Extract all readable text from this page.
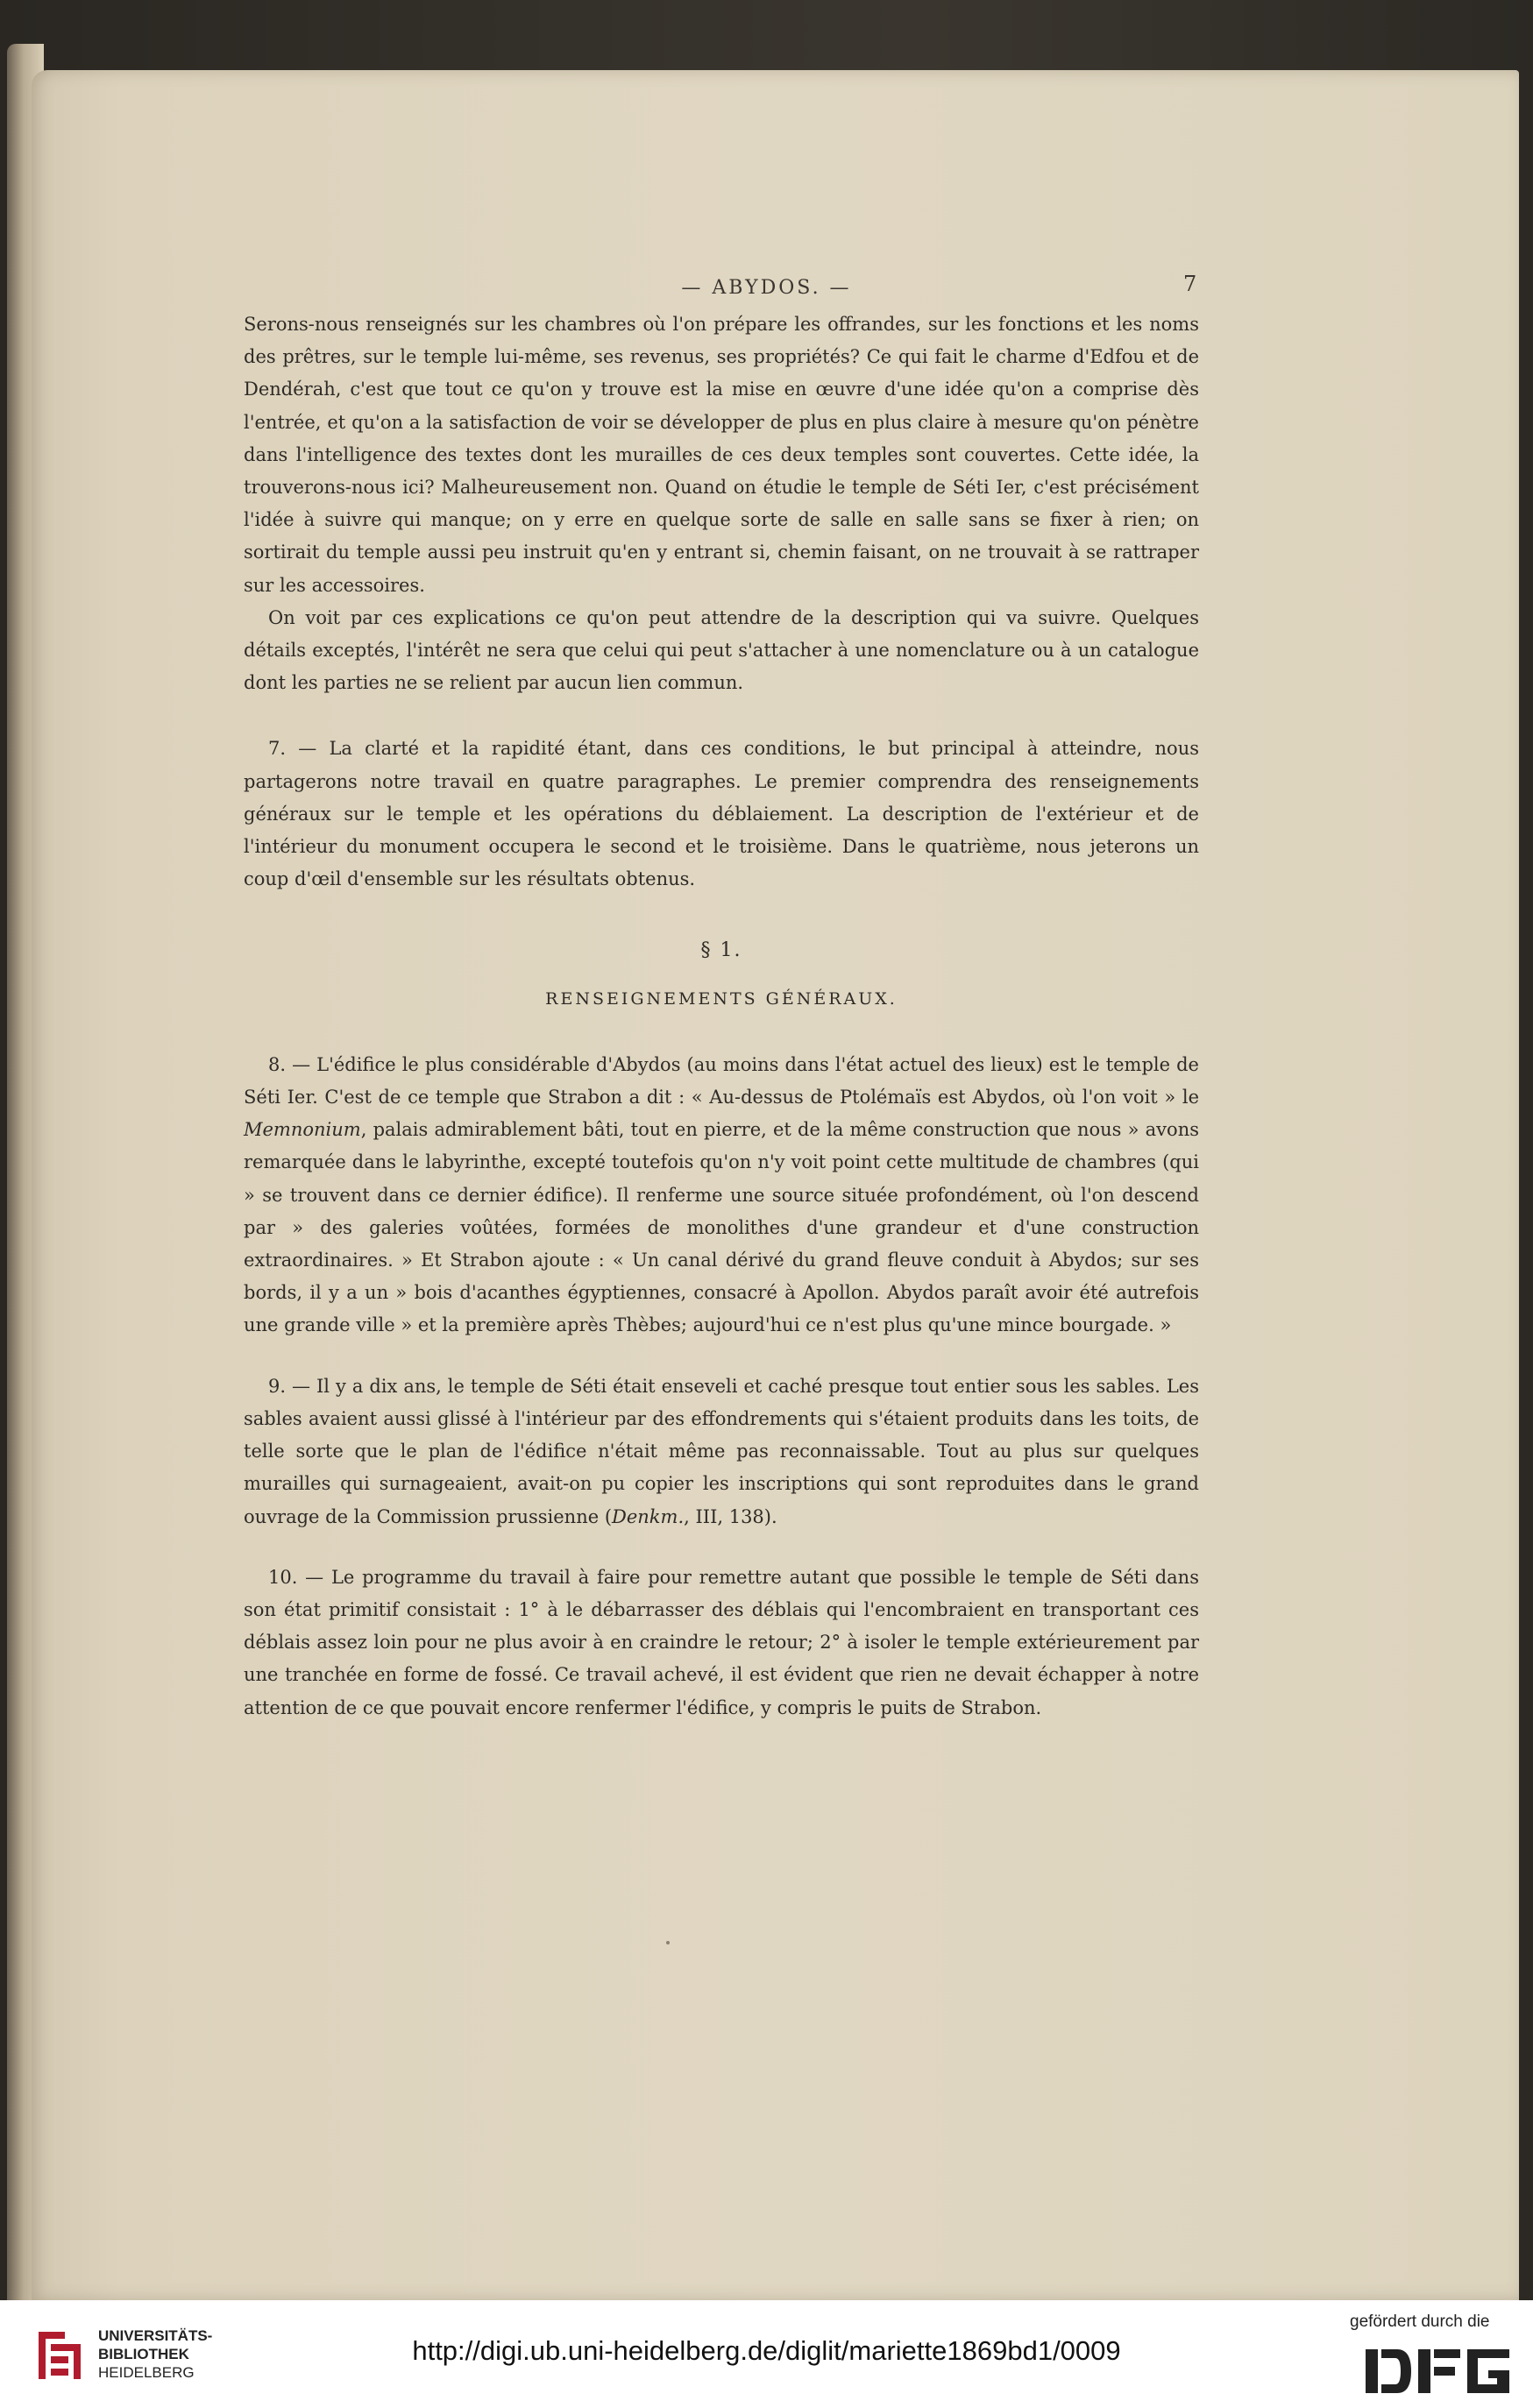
— ABYDOS. —	7

Serons-nous renseignés sur les chambres où l'on prépare les offrandes, sur les fonctions et les noms des prêtres, sur le temple lui-même, ses revenus, ses propriétés? Ce qui fait le charme d'Edfou et de Dendérah, c'est que tout ce qu'on y trouve est la mise en œuvre d'une idée qu'on a comprise dès l'entrée, et qu'on a la satisfaction de voir se développer de plus en plus claire à mesure qu'on pénètre dans l'intelligence des textes dont les murailles de ces deux temples sont couvertes. Cette idée, la trouverons-nous ici? Malheureusement non. Quand on étudie le temple de Séti Ier, c'est précisément l'idée à suivre qui manque; on y erre en quelque sorte de salle en salle sans se fixer à rien; on sortirait du temple aussi peu instruit qu'en y entrant si, chemin faisant, on ne trouvait à se rattraper sur les accessoires.

On voit par ces explications ce qu'on peut attendre de la description qui va suivre. Quelques détails exceptés, l'intérêt ne sera que celui qui peut s'attacher à une nomenclature ou à un catalogue dont les parties ne se relient par aucun lien commun.

7. — La clarté et la rapidité étant, dans ces conditions, le but principal à atteindre, nous partagerons notre travail en quatre paragraphes. Le premier comprendra des renseignements généraux sur le temple et les opérations du déblaiement. La description de l'extérieur et de l'intérieur du monument occupera le second et le troisième. Dans le quatrième, nous jeterons un coup d'œil d'ensemble sur les résultats obtenus.

§ 1.
RENSEIGNEMENTS GÉNÉRAUX.

8. — L'édifice le plus considérable d'Abydos (au moins dans l'état actuel des lieux) est le temple de Séti Ier. C'est de ce temple que Strabon a dit : « Au-dessus de Ptolémaïs est Abydos, où l'on voit » le Memnonium, palais admirablement bâti, tout en pierre, et de la même construction que nous » avons remarquée dans le labyrinthe, excepté toutefois qu'on n'y voit point cette multitude de chambres (qui » se trouvent dans ce dernier édifice). Il renferme une source située profondément, où l'on descend par » des galeries voûtées, formées de monolithes d'une grandeur et d'une construction extraordinaires. » Et Strabon ajoute : « Un canal dérivé du grand fleuve conduit à Abydos; sur ses bords, il y a un » bois d'acanthes égyptiennes, consacré à Apollon. Abydos paraît avoir été autrefois une grande ville » et la première après Thèbes; aujourd'hui ce n'est plus qu'une mince bourgade. »

9. — Il y a dix ans, le temple de Séti était enseveli et caché presque tout entier sous les sables. Les sables avaient aussi glissé à l'intérieur par des effondrements qui s'étaient produits dans les toits, de telle sorte que le plan de l'édifice n'était même pas reconnaissable. Tout au plus sur quelques murailles qui surnageaient, avait-on pu copier les inscriptions qui sont reproduites dans le grand ouvrage de la Commission prussienne (Denkm., III, 138).

10. — Le programme du travail à faire pour remettre autant que possible le temple de Séti dans son état primitif consistait : 1° à le débarrasser des déblais qui l'encombraient en transportant ces déblais assez loin pour ne plus avoir à en craindre le retour; 2° à isoler le temple extérieurement par une tranchée en forme de fossé. Ce travail achevé, il est évident que rien ne devait échapper à notre attention de ce que pouvait encore renfermer l'édifice, y compris le puits de Strabon.

UNIVERSITÄTS-
BIBLIOTHEK
HEIDELBERG
http://digi.ub.uni-heidelberg.de/diglit/mariette1869bd1/0009
gefördert durch die
